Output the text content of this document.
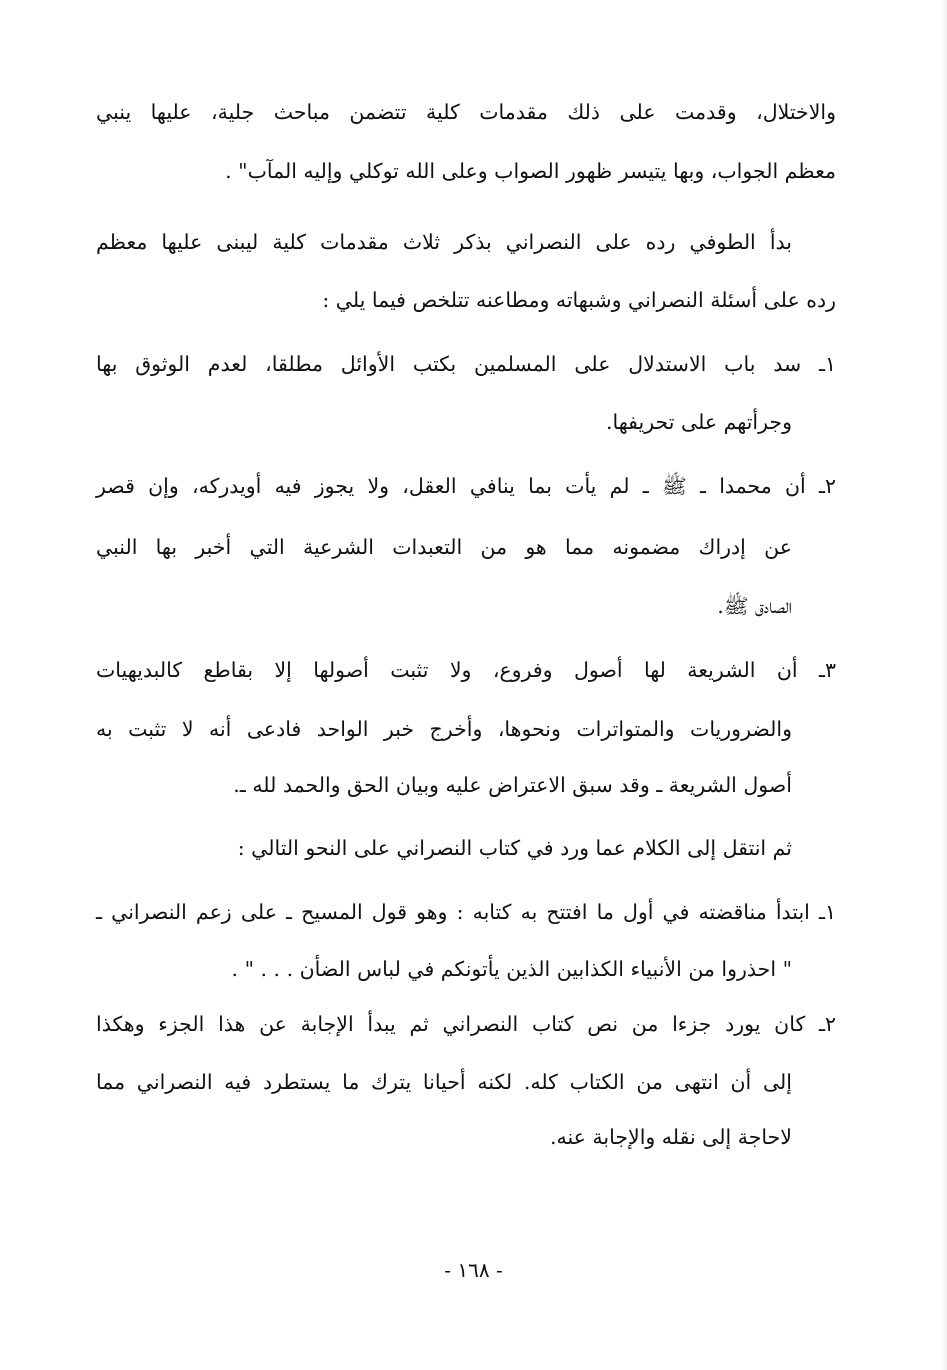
والاختلال، وقدمت على ذلك مقدمات كلية تتضمن مباحث جلية، عليها ينبي
معظم الجواب، وبها يتيسر ظهور الصواب وعلى الله توكلي وإليه المآب" .
بدأ الطوفي رده على النصراني بذكر ثلاث مقدمات كلية ليبنى عليها معظم
رده على أسئلة النصراني وشبهاته ومطاعنه تتلخص فيما يلي :
١ـ سد باب الاستدلال على المسلمين بكتب الأوائل مطلقا، لعدم الوثوق بها
وجرأتهم على تحريفها.
٢ـ أن محمدا ـ ﷺ ـ لم يأت بما ينافي العقل، ولا يجوز فيه أويدركه، وإن قصر
عن إدراك مضمونه مما هو من التعبدات الشرعية التي أخبر بها النبي
الصادق ﷺ.
٣ـ أن الشريعة لها أصول وفروع، ولا تثبت أصولها إلا بقاطع كالبديهيات
والضروريات والمتواترات ونحوها، وأخرج خبر الواحد فادعى أنه لا تثبت به
أصول الشريعة ـ وقد سبق الاعتراض عليه وبيان الحق والحمد لله ـ.
ثم انتقل إلى الكلام عما ورد في كتاب النصراني على النحو التالي :
١ـ ابتدأ مناقضته في أول ما افتتح به كتابه : وهو قول المسيح ـ على زعم النصراني ـ
" احذروا من الأنبياء الكذابين الذين يأتونكم في لباس الضأن . . . " .
٢ـ كان يورد جزءا من نص كتاب النصراني ثم يبدأ الإجابة عن هذا الجزء وهكذا
إلى أن انتهى من الكتاب كله. لكنه أحيانا يترك ما يستطرد فيه النصراني مما
لاحاجة إلى نقله والإجابة عنه.
- ١٦٨ -
